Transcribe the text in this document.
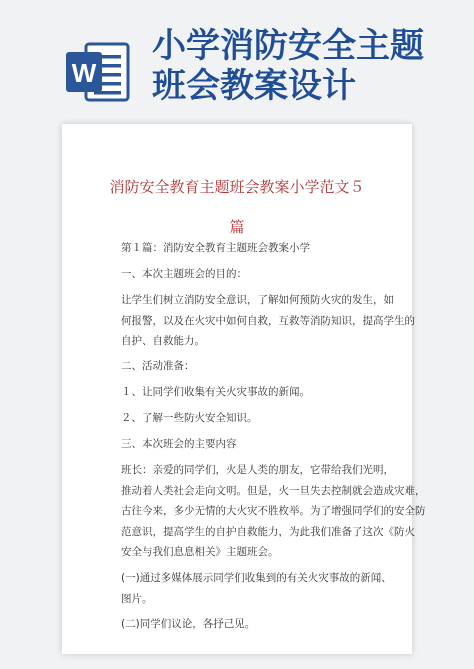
W
小学消防安全主题
班会教案设计
消防安全教育主题班会教案小学范文５
篇
第１篇：消防安全教育主题班会教案小学
一、本次主题班会的目的：
让学生们树立消防安全意识，了解如何预防火灾的发生，如
何报警，以及在火灾中如何自救，互救等消防知识，提高学生的
自护、自救能力。
二、活动准备：
１、让同学们收集有关火灾事故的新闻。
２、了解一些防火安全知识。
三、本次班会的主要内容
班长：亲爱的同学们，火是人类的朋友，它带给我们光明，
推动着人类社会走向文明。但是，火一旦失去控制就会造成灾难，
古往今来，多少无情的大火灾不胜枚举。为了增强同学们的安全防
范意识，提高学生的自护自救能力，为此我们准备了这次《防火
安全与我们息息相关》主题班会。
(一)通过多媒体展示同学们收集到的有关火灾事故的新闻、
图片。
(二)同学们议论，各抒己见。
